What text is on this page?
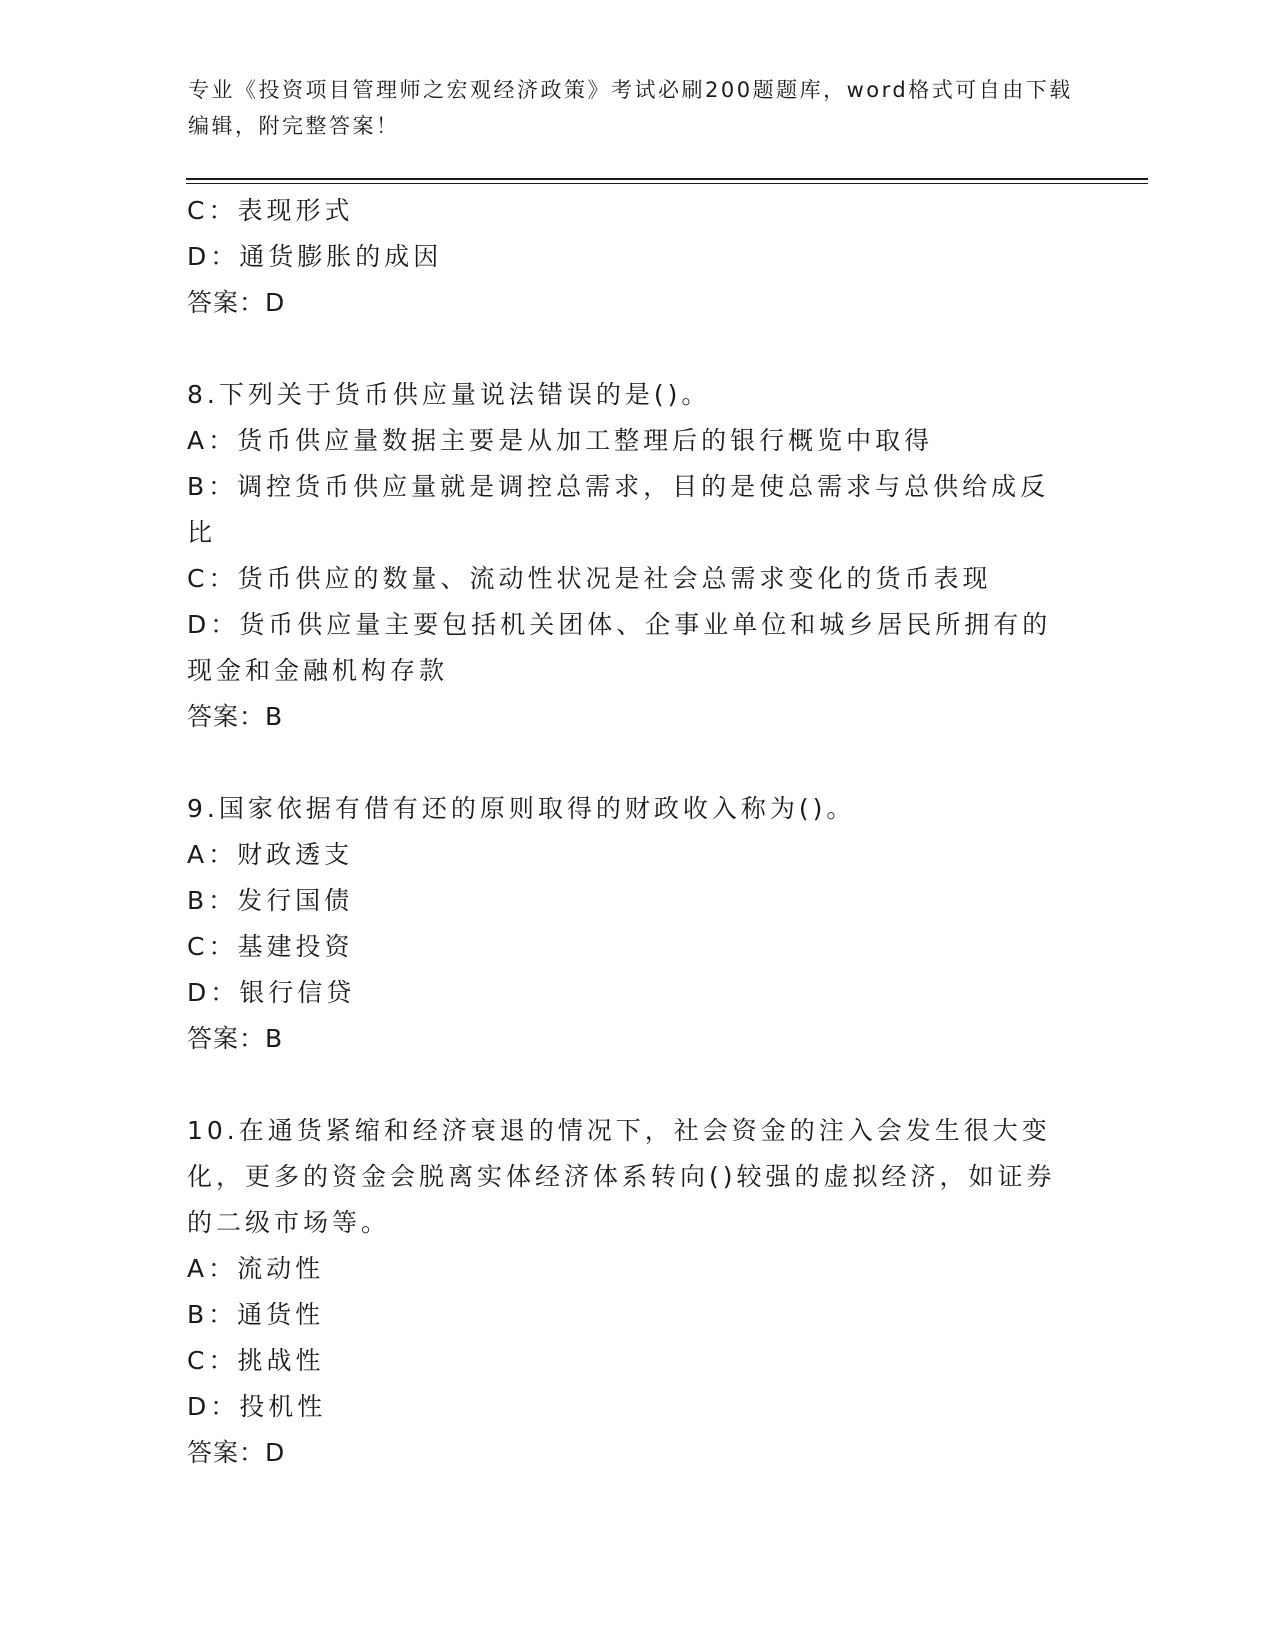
专业《投资项目管理师之宏观经济政策》考试必刷200题题库，word格式可自由下载编辑，附完整答案！
C：表现形式
D：通货膨胀的成因
答案：D
8.下列关于货币供应量说法错误的是()。
A：货币供应量数据主要是从加工整理后的银行概览中取得
B：调控货币供应量就是调控总需求，目的是使总需求与总供给成反比
C：货币供应的数量、流动性状况是社会总需求变化的货币表现
D：货币供应量主要包括机关团体、企事业单位和城乡居民所拥有的现金和金融机构存款
答案：B
9.国家依据有借有还的原则取得的财政收入称为()。
A：财政透支
B：发行国债
C：基建投资
D：银行信贷
答案：B
10.在通货紧缩和经济衰退的情况下，社会资金的注入会发生很大变化，更多的资金会脱离实体经济体系转向()较强的虚拟经济，如证券的二级市场等。
A：流动性
B：通货性
C：挑战性
D：投机性
答案：D
